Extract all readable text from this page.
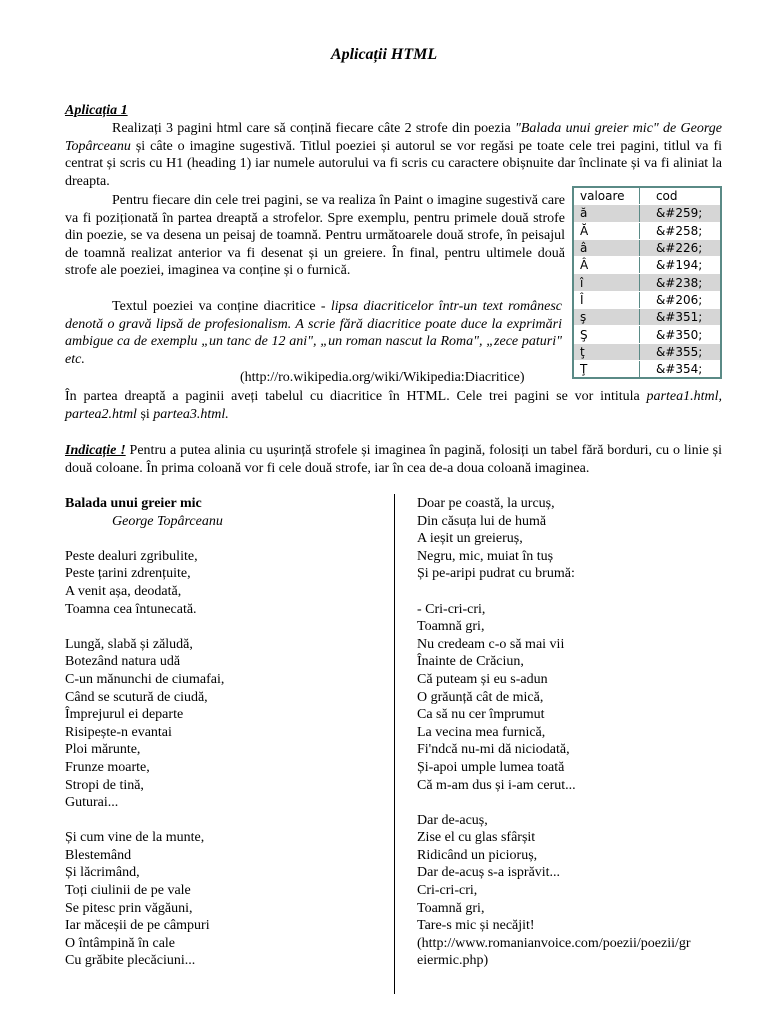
Aplicații HTML
Aplicația 1
Realizați 3 pagini html care să conțină fiecare câte 2 strofe din poezia "Balada unui greier mic" de George Topârceanu și câte o imagine sugestivă. Titlul poeziei și autorul se vor regăsi pe toate cele trei pagini, titlul va fi centrat și scris cu H1 (heading 1) iar numele autorului va fi scris cu caractere obișnuite dar înclinate și va fi aliniat la dreapta.
Pentru fiecare din cele trei pagini, se va realiza în Paint o imagine sugestivă care va fi poziționată în partea dreaptă a strofelor. Spre exemplu, pentru primele două strofe din poezie, se va desena un peisaj de toamnă. Pentru următoarele două strofe, în peisajul de toamnă realizat anterior va fi desenat și un greiere. În final, pentru ultimele două strofe ale poeziei, imaginea va conține și o furnică.
Textul poeziei va conține diacritice - lipsa diacriticelor într-un text românesc denotă o gravă lipsă de profesionalism. A scrie fără diacritice poate duce la exprimări ambigue ca de exemplu „un tanc de 12 ani", „un roman nascut la Roma", „zece paturi" etc.
(http://ro.wikipedia.org/wiki/Wikipedia:Diacritice)
În partea dreaptă a paginii aveți tabelul cu diacritice în HTML. Cele trei pagini se vor intitula partea1.html, partea2.html și partea3.html.
Indicație ! Pentru a putea alinia cu ușurință strofele și imaginea în pagină, folosiți un tabel fără borduri, cu o linie și două coloane. În prima coloană vor fi cele două strofe, iar în cea de-a doua coloană imaginea.
valoare	cod
ă	&#259;
Ă	&#258;
â	&#226;
Â	&#194;
î	&#238;
Î	&#206;
ş	&#351;
Ş	&#350;
ţ	&#355;
Ţ	&#354;
Balada unui greier mic
George Topârceanu
Peste dealuri zgribulite,
Peste țarini zdrențuite,
A venit așa, deodată,
Toamna cea întunecată.
Lungă, slabă și zăludă,
Botezând natura udă
C-un mănunchi de ciumafai,
Când se scutură de ciudă,
Împrejurul ei departe
Risipește-n evantai
Ploi mărunte,
Frunze moarte,
Stropi de tină,
Guturai...
Și cum vine de la munte,
Blestemând
Și lăcrimând,
Toți ciulinii de pe vale
Se pitesc prin văgăuni,
Iar măceșii de pe câmpuri
O întâmpină în cale
Cu grăbite plecăciuni...
Doar pe coastă, la urcuș,
Din căsuța lui de humă
A ieșit un greieruș,
Negru, mic, muiat în tuș
Și pe-aripi pudrat cu brumă:
- Cri-cri-cri,
Toamnă gri,
Nu credeam c-o să mai vii
Înainte de Crăciun,
Că puteam și eu s-adun
O grăunță cât de mică,
Ca să nu cer împrumut
La vecina mea furnică,
Fi'ndcă nu-mi dă niciodată,
Și-apoi umple lumea toată
Că m-am dus și i-am cerut...
Dar de-acuș,
Zise el cu glas sfârșit
Ridicând un picioruș,
Dar de-acuș s-a isprăvit...
Cri-cri-cri,
Toamnă gri,
Tare-s mic și necăjit!
(http://www.romanianvoice.com/poezii/poezii/gr
eiermic.php)
